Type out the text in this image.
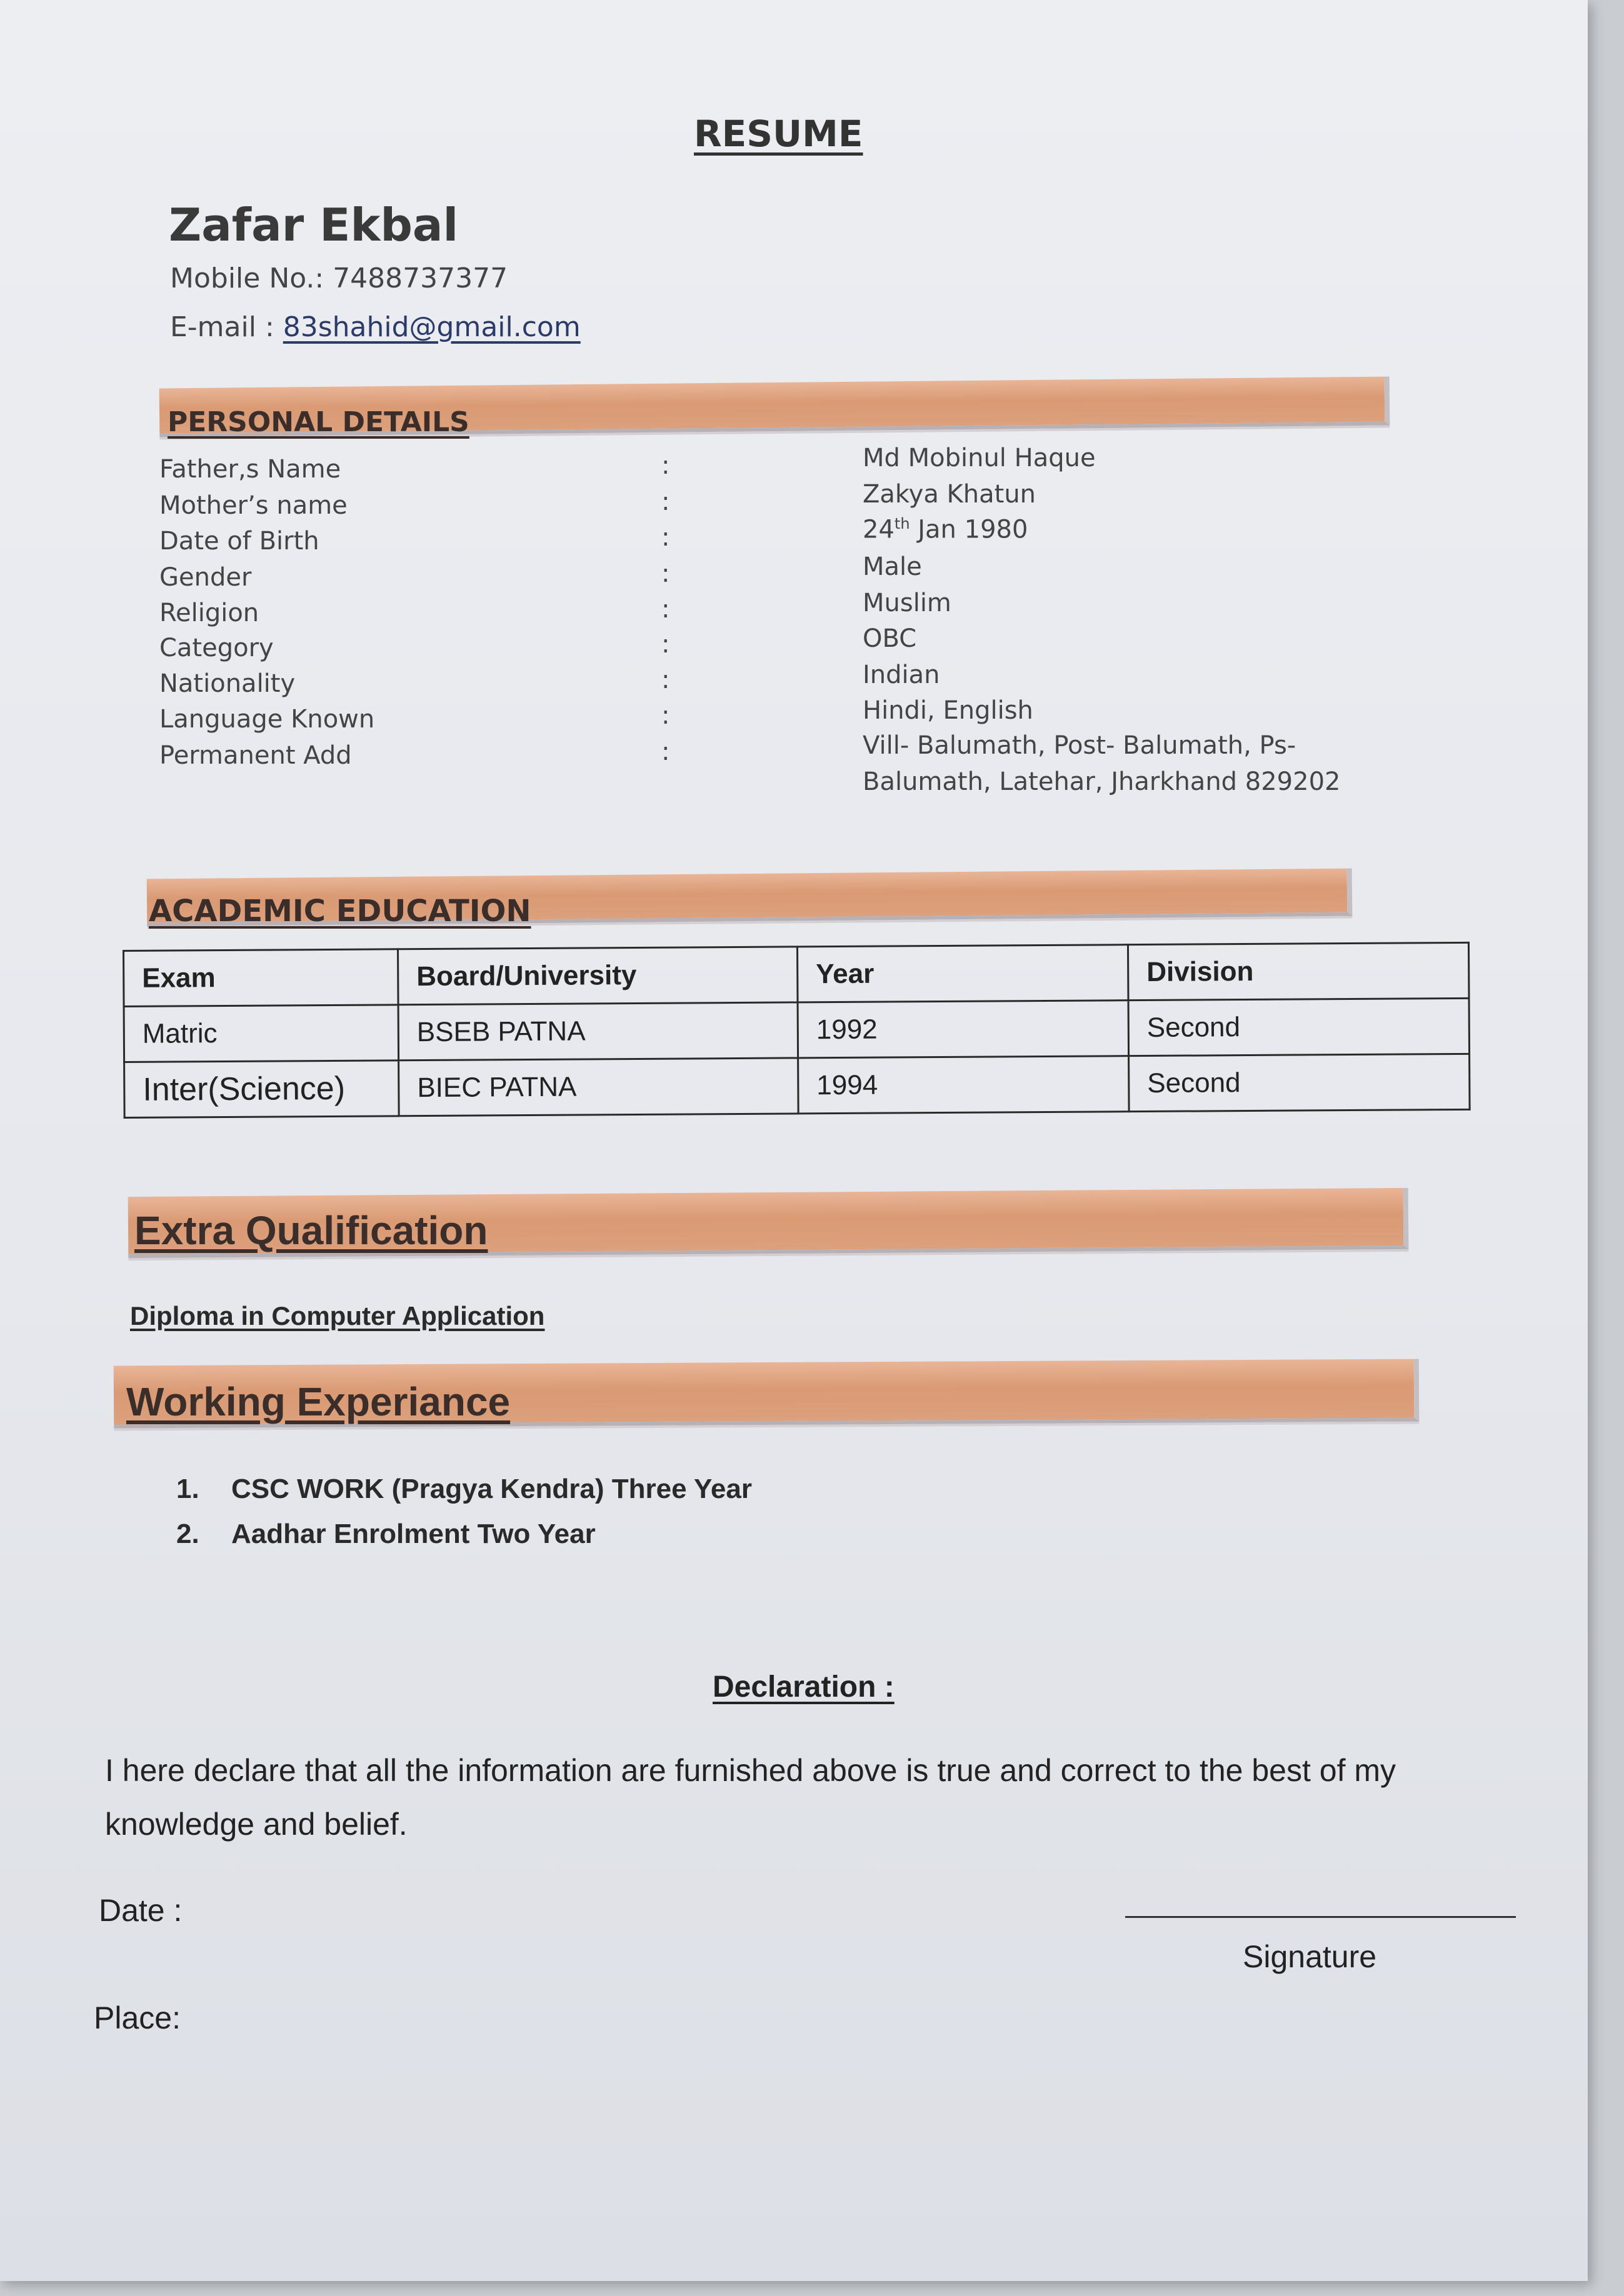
RESUME
Zafar Ekbal
Mobile No.: 7488737377
E-mail : 83shahid@gmail.com
PERSONAL DETAILS
Father,s Name	:	Md Mobinul Haque
Mother’s name	:	Zakya Khatun
Date of Birth	:	24th Jan 1980
Gender	:	Male
Religion	:	Muslim
Category	:	OBC
Nationality	:	Indian
Language Known	:	Hindi, English
Permanent Add	:	Vill- Balumath, Post- Balumath, Ps-
Balumath, Latehar, Jharkhand 829202
ACADEMIC EDUCATION
Exam	Board/University	Year	Division
Matric	BSEB PATNA	1992	Second
Inter(Science)	BIEC PATNA	1994	Second
Extra Qualification
Diploma in Computer Application
Working Experiance
1. CSC WORK (Pragya Kendra) Three Year
2. Aadhar Enrolment Two Year
Declaration :
I here declare that all the information are furnished above is true and correct to the best of my knowledge and belief.
Date :
Signature
Place:
